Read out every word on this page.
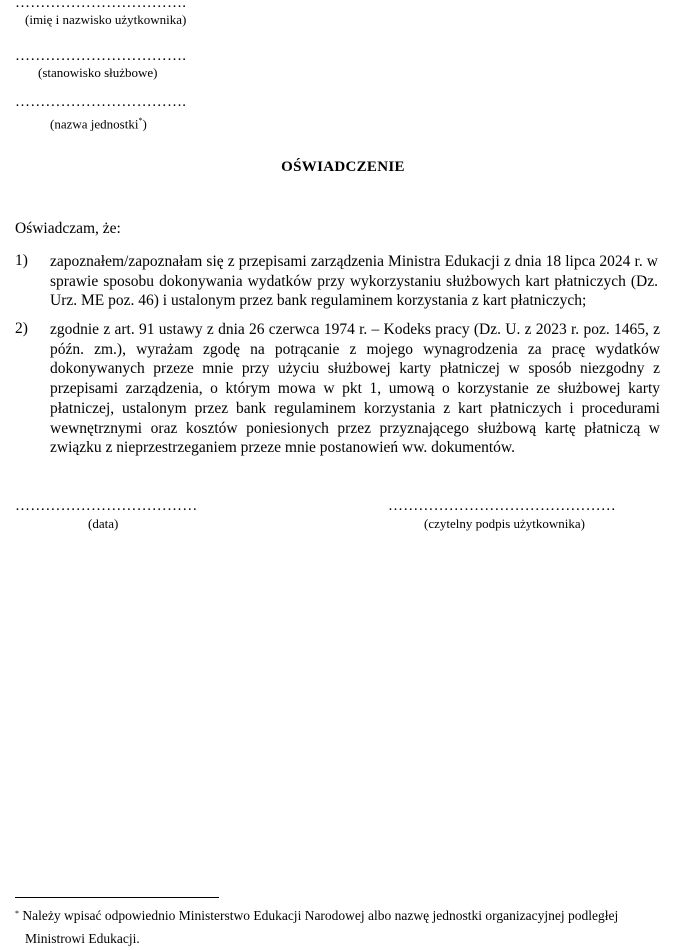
…………………………….
(imię i nazwisko użytkownika)
…………………………….
(stanowisko służbowe)
…………………………….
(nazwa jednostki*)
OŚWIADCZENIE
Oświadczam, że:
1) zapoznałem/zapoznałam się z przepisami zarządzenia Ministra Edukacji z dnia 18 lipca 2024 r. w sprawie sposobu dokonywania wydatków przy wykorzystaniu służbowych kart płatniczych (Dz. Urz. ME poz. 46) i ustalonym przez bank regulaminem korzystania z kart płatniczych;
2) zgodnie z art. 91 ustawy z dnia 26 czerwca 1974 r. – Kodeks pracy (Dz. U. z 2023 r. poz. 1465, z późn. zm.), wyrażam zgodę na potrącanie z mojego wynagrodzenia za pracę wydatków dokonywanych przeze mnie przy użyciu służbowej karty płatniczej w sposób niezgodny z przepisami zarządzenia, o którym mowa w pkt 1, umową o korzystanie ze służbowej karty płatniczej, ustalonym przez bank regulaminem korzystania z kart płatniczych i procedurami wewnętrznymi oraz kosztów poniesionych przez przyznającego służbową kartę płatniczą w związku z nieprzestrzeganiem przeze mnie postanowień ww. dokumentów.
………………………………
(data)
………………………………………
(czytelny podpis użytkownika)
* Należy wpisać odpowiednio Ministerstwo Edukacji Narodowej albo nazwę jednostki organizacyjnej podległej
Ministrowi Edukacji.
